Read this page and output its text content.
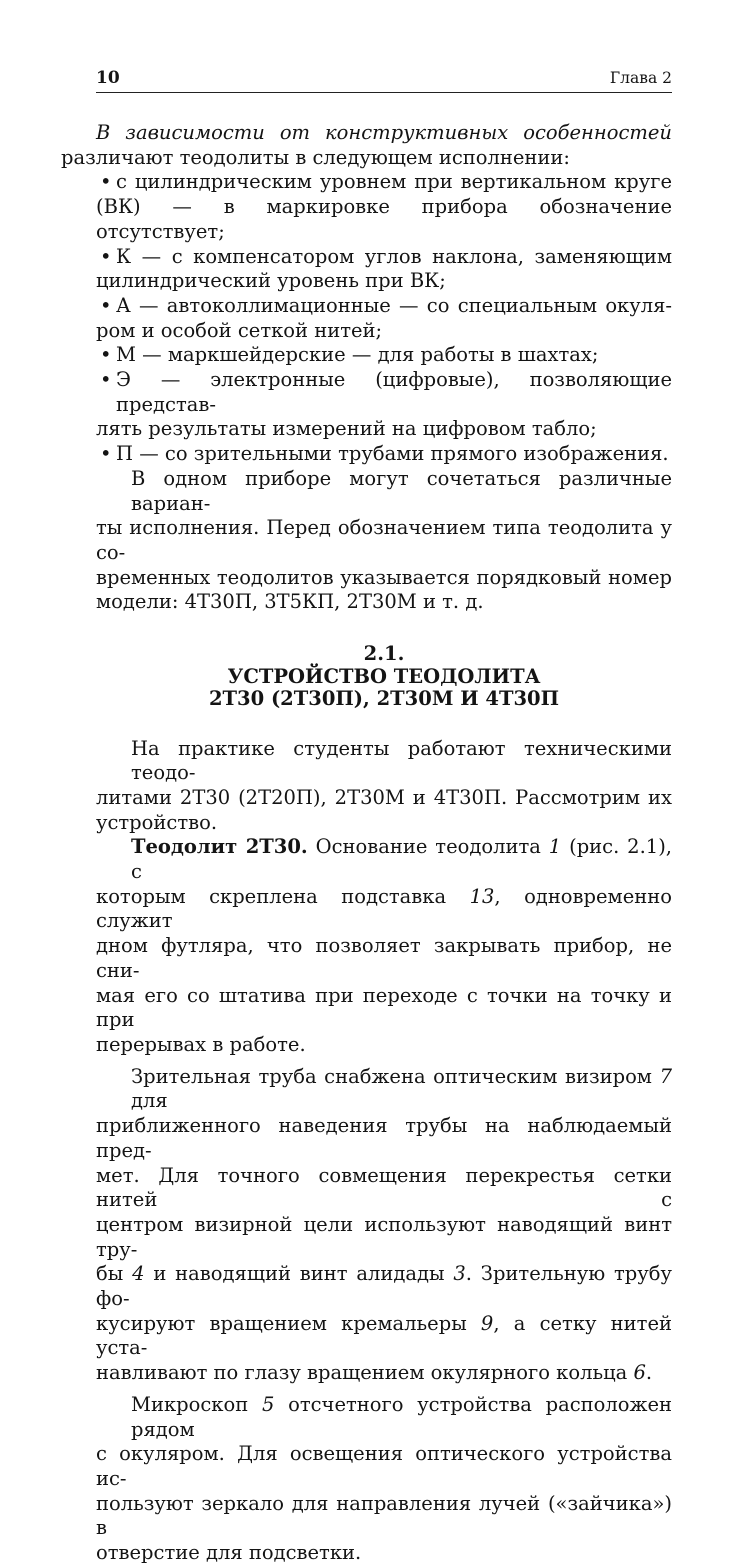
10	Глава 2

В зависимости от конструктивных особенностей
различают теодолиты в следующем исполнении:

• с цилиндрическим уровнем при вертикальном круге
(ВК) — в маркировке прибора обозначение отсутствует;
• К — с компенсатором углов наклона, заменяющим
цилиндрический уровень при ВК;
• А — автоколлимационные — со специальным окуля-
ром и особой сеткой нитей;
• М — маркшейдерские — для работы в шахтах;
• Э — электронные (цифровые), позволяющие представ-
лять результаты измерений на цифровом табло;
• П — со зрительными трубами прямого изображения.

В одном приборе могут сочетаться различные вариан-
ты исполнения. Перед обозначением типа теодолита у со-
временных теодолитов указывается порядковый номер
модели: 4Т30П, 3Т5КП, 2Т30М и т. д.

2.1.
УСТРОЙСТВО ТЕОДОЛИТА
2Т30 (2Т30П), 2Т30М И 4Т30П

На практике студенты работают техническими теодо-
литами 2Т30 (2Т20П), 2Т30М и 4Т30П. Рассмотрим их
устройство.

Теодолит 2Т30. Основание теодолита 1 (рис. 2.1), с
которым скреплена подставка 13, одновременно служит
дном футляра, что позволяет закрывать прибор, не сни-
мая его со штатива при переходе с точки на точку и при
перерывах в работе.

Зрительная труба снабжена оптическим визиром 7 для
приближенного наведения трубы на наблюдаемый пред-
мет. Для точного совмещения перекрестья сетки нитей с
центром визирной цели используют наводящий винт тру-
бы 4 и наводящий винт алидады 3. Зрительную трубу фо-
кусируют вращением кремальеры 9, а сетку нитей уста-
навливают по глазу вращением окулярного кольца 6.

Микроскоп 5 отсчетного устройства расположен рядом
с окуляром. Для освещения оптического устройства ис-
пользуют зеркало для направления лучей («зайчика») в
отверстие для подсветки.
